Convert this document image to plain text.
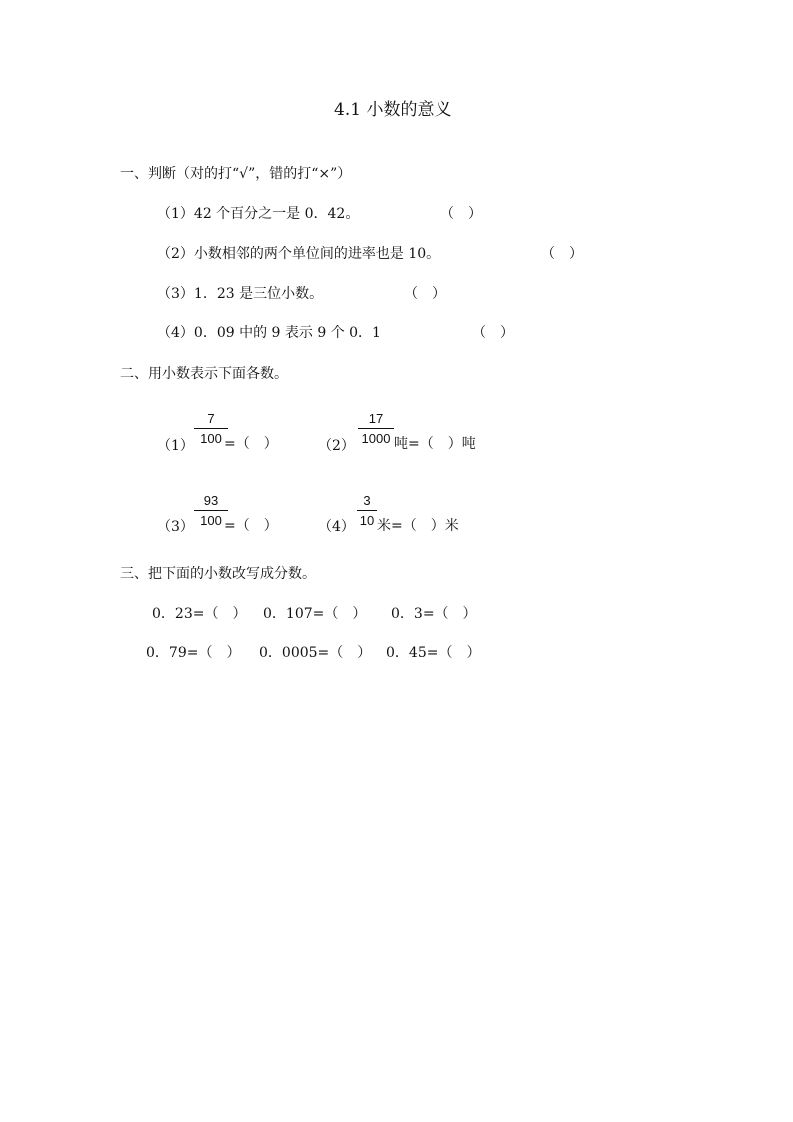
4.1 小数的意义
一、判断（对的打“√”，错的打“×”）
（1）42 个百分之一是 0．42。	（　）
（2）小数相邻的两个单位间的进率也是 10。	（　）
（3）1．23 是三位小数。	（　）
（4）0．09 中的 9 表示 9 个 0．1	（　）
二、用小数表示下面各数。
（1）
7
100 =（　）	（2）
17
1000 吨=（　）吨
（3）
93
100 =（　）	（4）
3
10 米=（　）米
三、把下面的小数改写成分数。
0．23=（　） 0．107=（　） 0．3=（　）
0．79=（　） 0．0005=（　） 0．45=（　）
